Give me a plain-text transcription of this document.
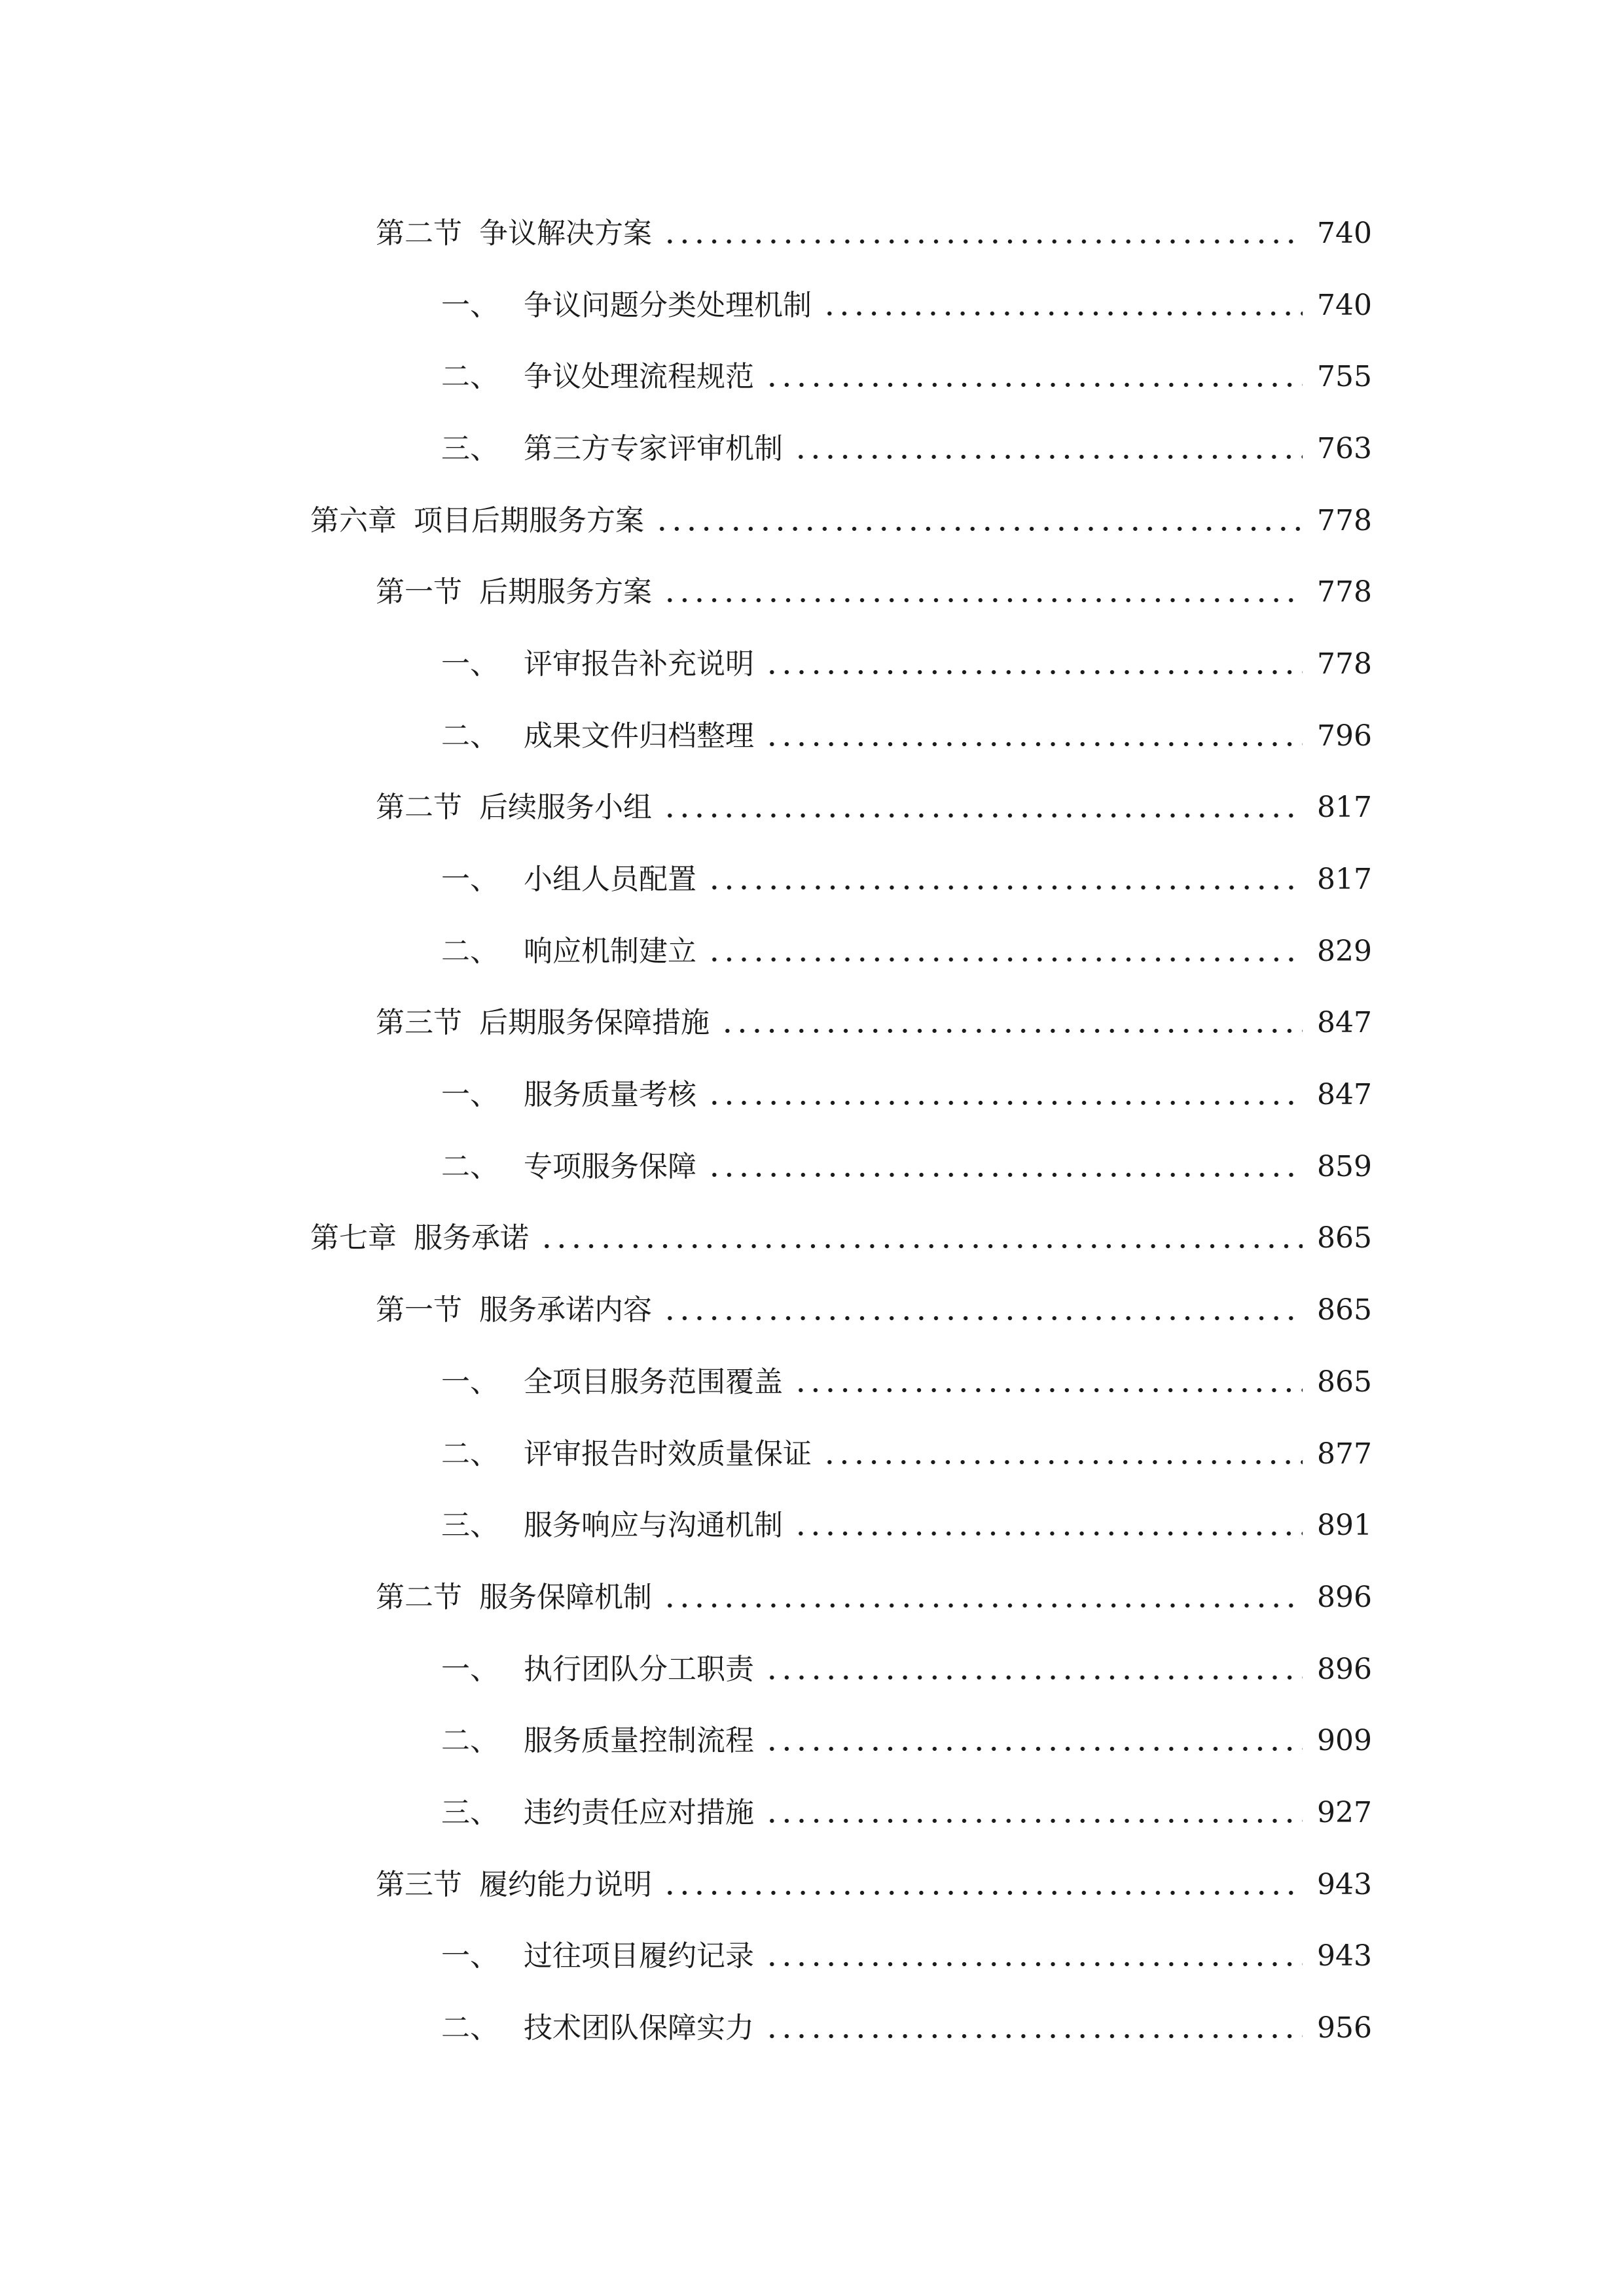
第二节 争议解决方案	740
一、 争议问题分类处理机制	740
二、 争议处理流程规范	755
三、 第三方专家评审机制	763
第六章 项目后期服务方案	778
第一节 后期服务方案	778
一、 评审报告补充说明	778
二、 成果文件归档整理	796
第二节 后续服务小组	817
一、 小组人员配置	817
二、 响应机制建立	829
第三节 后期服务保障措施	847
一、 服务质量考核	847
二、 专项服务保障	859
第七章 服务承诺	865
第一节 服务承诺内容	865
一、 全项目服务范围覆盖	865
二、 评审报告时效质量保证	877
三、 服务响应与沟通机制	891
第二节 服务保障机制	896
一、 执行团队分工职责	896
二、 服务质量控制流程	909
三、 违约责任应对措施	927
第三节 履约能力说明	943
一、 过往项目履约记录	943
二、 技术团队保障实力	956
